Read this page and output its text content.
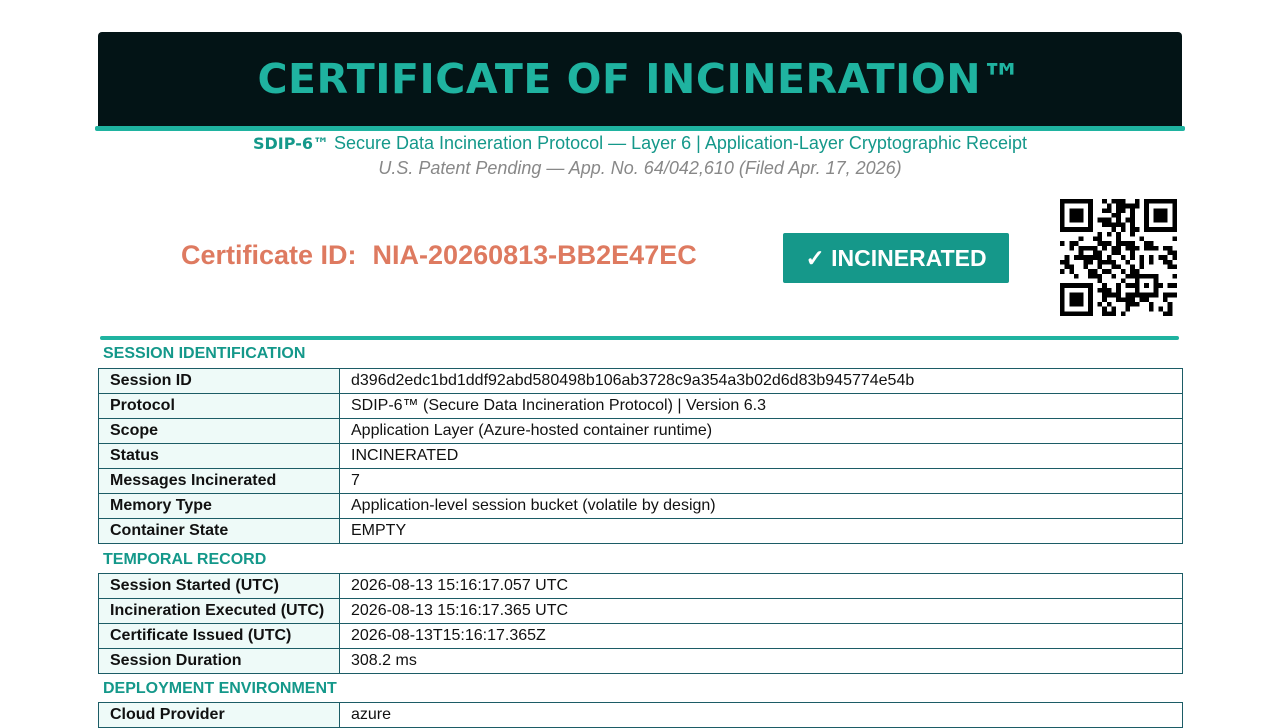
CERTIFICATE OF INCINERATION™
SDIP-6™ Secure Data Incineration Protocol — Layer 6 | Application-Layer Cryptographic Receipt
U.S. Patent Pending — App. No. 64/042,610 (Filed Apr. 17, 2026)
Certificate ID: NIA-20260813-BB2E47EC	✓ INCINERATED
SESSION IDENTIFICATION
Session ID	d396d2edc1bd1ddf92abd580498b106ab3728c9a354a3b02d6d83b945774e54b
Protocol	SDIP-6™ (Secure Data Incineration Protocol) | Version 6.3
Scope	Application Layer (Azure-hosted container runtime)
Status	INCINERATED
Messages Incinerated	7
Memory Type	Application-level session bucket (volatile by design)
Container State	EMPTY
TEMPORAL RECORD
Session Started (UTC)	2026-08-13 15:16:17.057 UTC
Incineration Executed (UTC)	2026-08-13 15:16:17.365 UTC
Certificate Issued (UTC)	2026-08-13T15:16:17.365Z
Session Duration	308.2 ms
DEPLOYMENT ENVIRONMENT
Cloud Provider	azure
